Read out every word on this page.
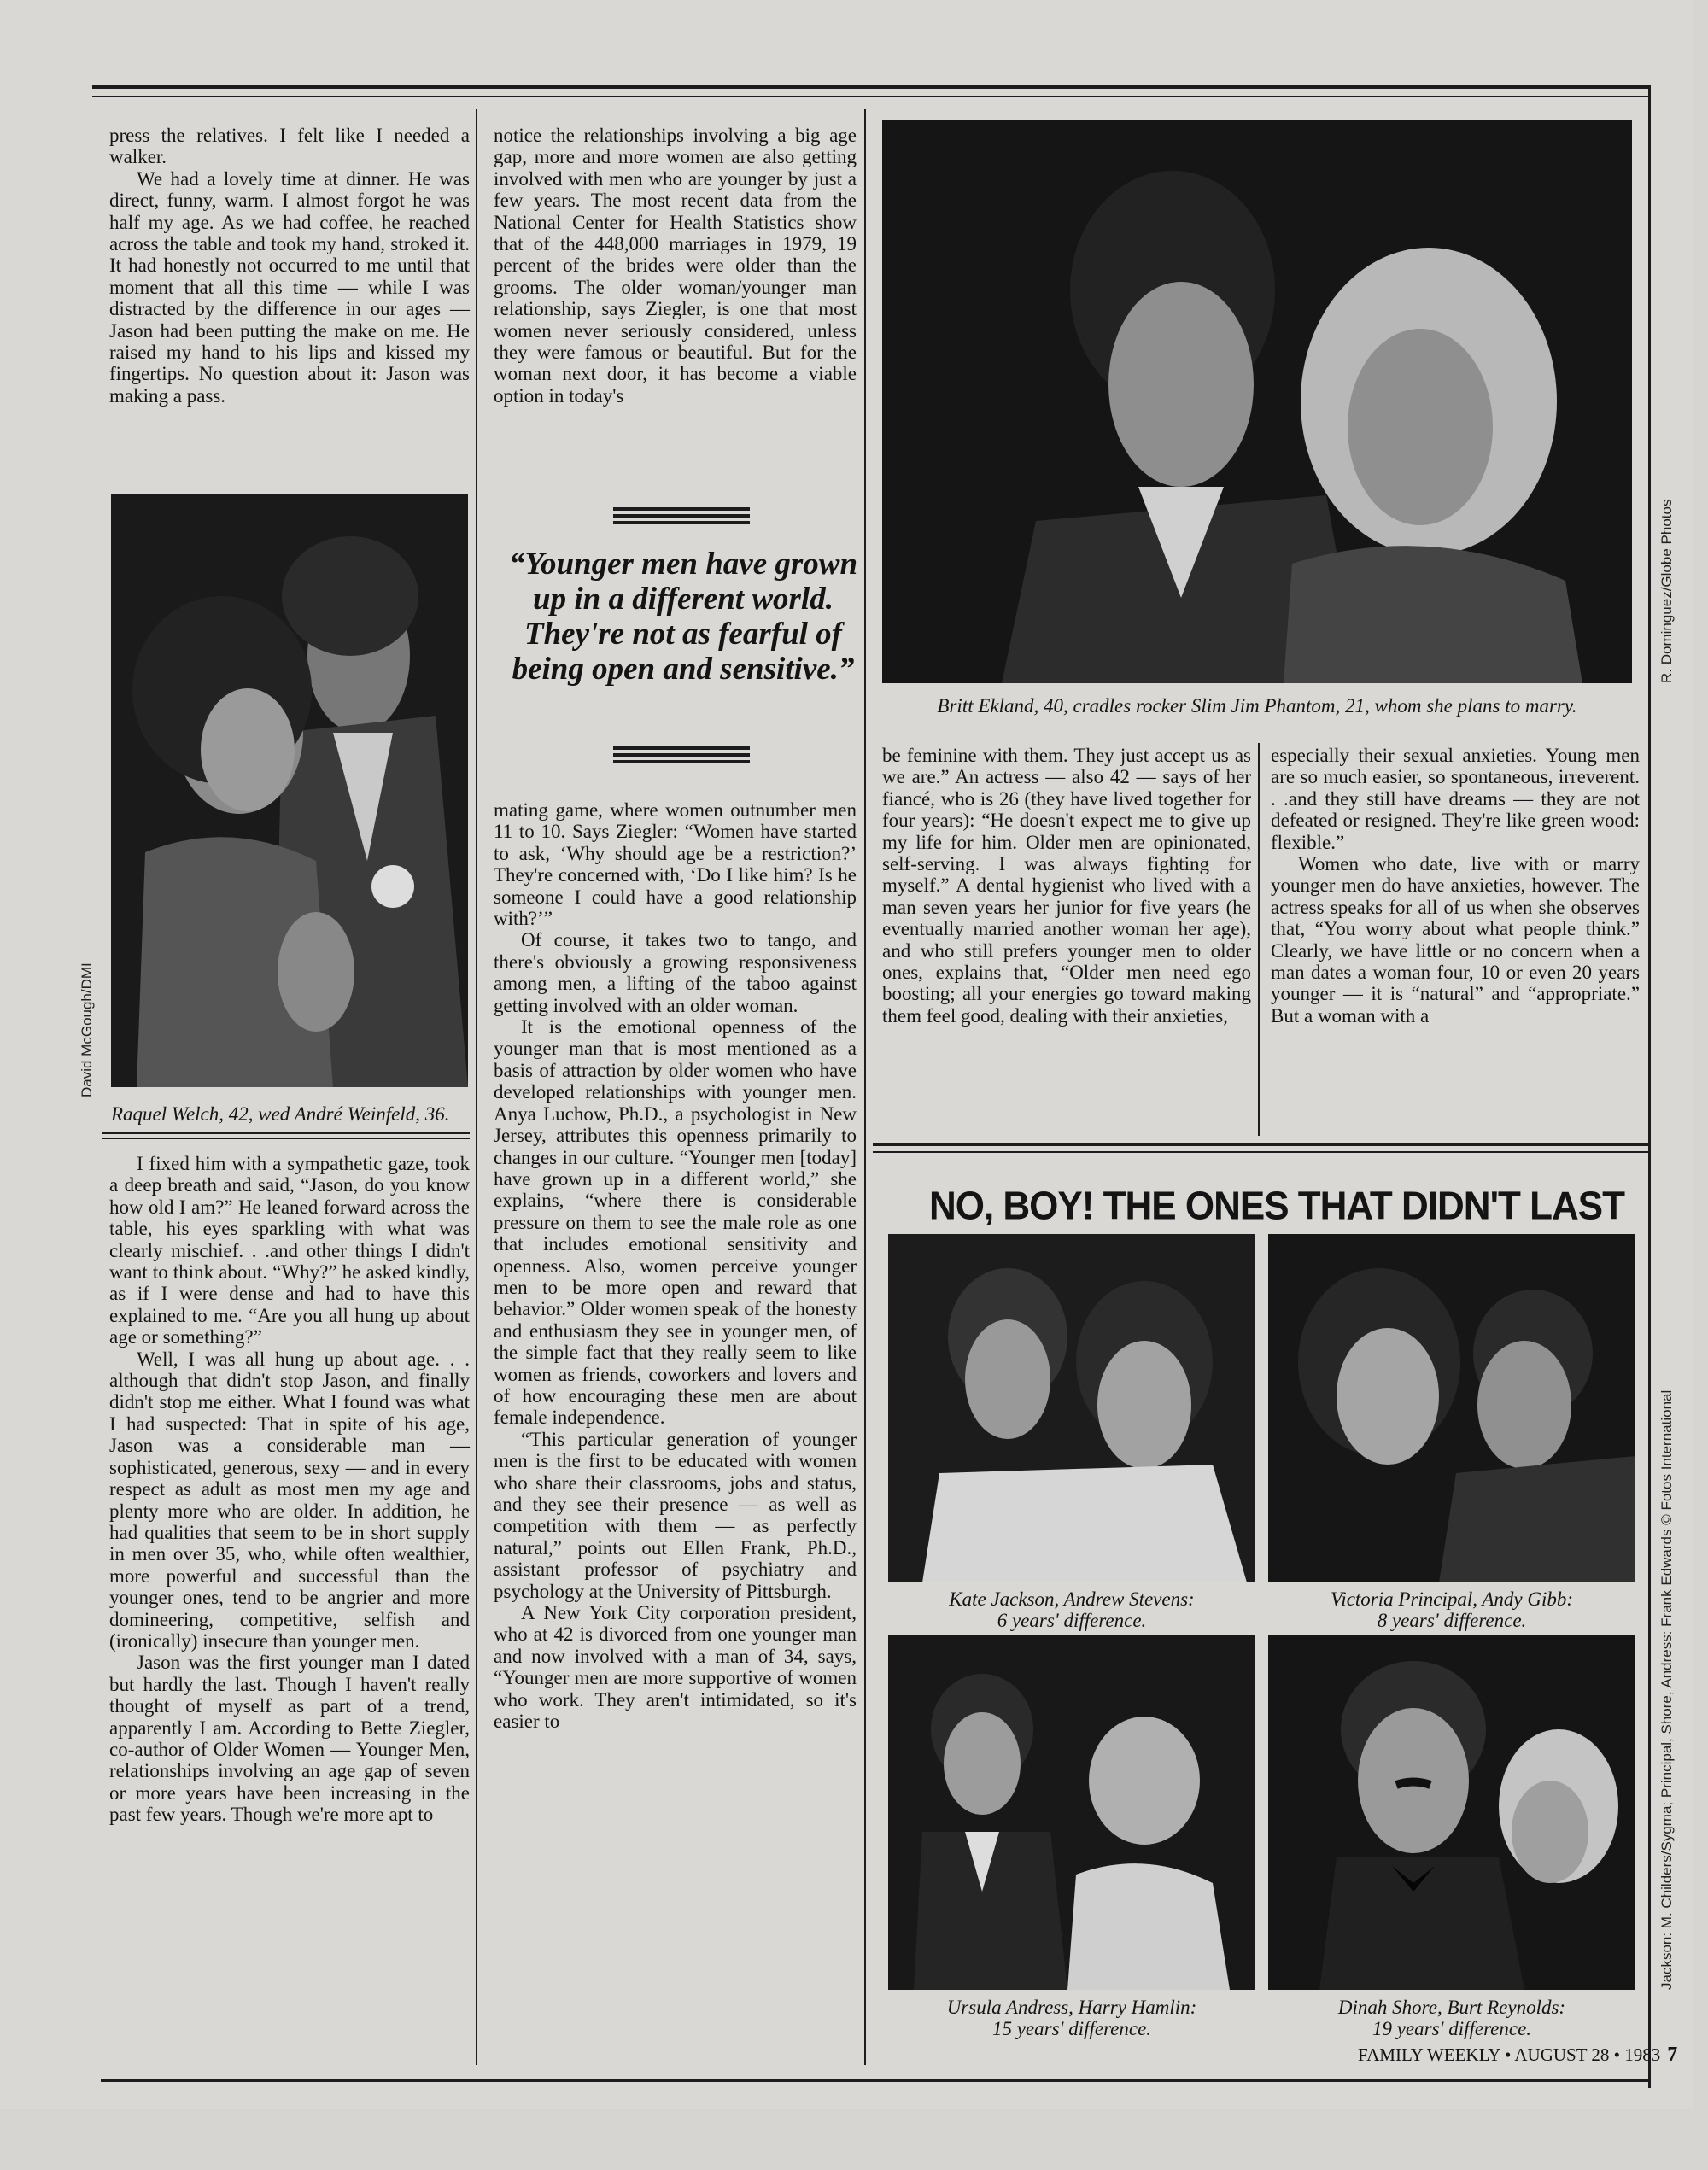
press the relatives. I felt like I needed a walker.

We had a lovely time at dinner. He was direct, funny, warm. I almost forgot he was half my age. As we had coffee, he reached across the table and took my hand, stroked it. It had honestly not occurred to me until that moment that all this time — while I was distracted by the difference in our ages — Jason had been putting the make on me. He raised my hand to his lips and kissed my fingertips. No question about it: Jason was making a pass.

Raquel Welch, 42, wed André Weinfeld, 36.
David McGough/DMI

I fixed him with a sympathetic gaze, took a deep breath and said, “Jason, do you know how old I am?” He leaned forward across the table, his eyes sparkling with what was clearly mischief. . .and other things I didn't want to think about. “Why?” he asked kindly, as if I were dense and had to have this explained to me. “Are you all hung up about age or something?”

Well, I was all hung up about age. . . although that didn't stop Jason, and finally didn't stop me either. What I found was what I had suspected: That in spite of his age, Jason was a considerable man — sophisticated, generous, sexy — and in every respect as adult as most men my age and plenty more who are older. In addition, he had qualities that seem to be in short supply in men over 35, who, while often wealthier, more powerful and successful than the younger ones, tend to be angrier and more domineering, competitive, selfish and (ironically) insecure than younger men.

Jason was the first younger man I dated but hardly the last. Though I haven't really thought of myself as part of a trend, apparently I am. According to Bette Ziegler, co-author of Older Women — Younger Men, relationships involving an age gap of seven or more years have been increasing in the past few years. Though we're more apt to

notice the relationships involving a big age gap, more and more women are also getting involved with men who are younger by just a few years. The most recent data from the National Center for Health Statistics show that of the 448,000 marriages in 1979, 19 percent of the brides were older than the grooms. The older woman/younger man relationship, says Ziegler, is one that most women never seriously considered, unless they were famous or beautiful. But for the woman next door, it has become a viable option in today's

“Younger men have grown up in a different world. They're not as fearful of being open and sensitive.”

mating game, where women outnumber men 11 to 10. Says Ziegler: “Women have started to ask, ‘Why should age be a restriction?’ They're concerned with, ‘Do I like him? Is he someone I could have a good relationship with?’”

Of course, it takes two to tango, and there's obviously a growing responsiveness among men, a lifting of the taboo against getting involved with an older woman.

It is the emotional openness of the younger man that is most mentioned as a basis of attraction by older women who have developed relationships with younger men. Anya Luchow, Ph.D., a psychologist in New Jersey, attributes this openness primarily to changes in our culture. “Younger men [today] have grown up in a different world,” she explains, “where there is considerable pressure on them to see the male role as one that includes emotional sensitivity and openness. Also, women perceive younger men to be more open and reward that behavior.” Older women speak of the honesty and enthusiasm they see in younger men, of the simple fact that they really seem to like women as friends, coworkers and lovers and of how encouraging these men are about female independence.

“This particular generation of younger men is the first to be educated with women who share their classrooms, jobs and status, and they see their presence — as well as competition with them — as perfectly natural,” points out Ellen Frank, Ph.D., assistant professor of psychiatry and psychology at the University of Pittsburgh.

A New York City corporation president, who at 42 is divorced from one younger man and now involved with a man of 34, says, “Younger men are more supportive of women who work. They aren't intimidated, so it's easier to

Britt Ekland, 40, cradles rocker Slim Jim Phantom, 21, whom she plans to marry.
R. Dominguez/Globe Photos

be feminine with them. They just accept us as we are.” An actress — also 42 — says of her fiancé, who is 26 (they have lived together for four years): “He doesn't expect me to give up my life for him. Older men are opinionated, self-serving. I was always fighting for myself.” A dental hygienist who lived with a man seven years her junior for five years (he eventually married another woman her age), and who still prefers younger men to older ones, explains that, “Older men need ego boosting; all your energies go toward making them feel good, dealing with their anxieties,

especially their sexual anxieties. Young men are so much easier, so spontaneous, irreverent. . .and they still have dreams — they are not defeated or resigned. They're like green wood: flexible.”

Women who date, live with or marry younger men do have anxieties, however. The actress speaks for all of us when she observes that, “You worry about what people think.” Clearly, we have little or no concern when a man dates a woman four, 10 or even 20 years younger — it is “natural” and “appropriate.” But a woman with a

NO, BOY! THE ONES THAT DIDN'T LAST
Kate Jackson, Andrew Stevens:
6 years' difference.
Victoria Principal, Andy Gibb:
8 years' difference.
Ursula Andress, Harry Hamlin:
15 years' difference.
Dinah Shore, Burt Reynolds:
19 years' difference.
Jackson: M. Childers/Sygma; Principal, Shore, Andress: Frank Edwards © Fotos International
FAMILY WEEKLY • AUGUST 28 • 1983 7
